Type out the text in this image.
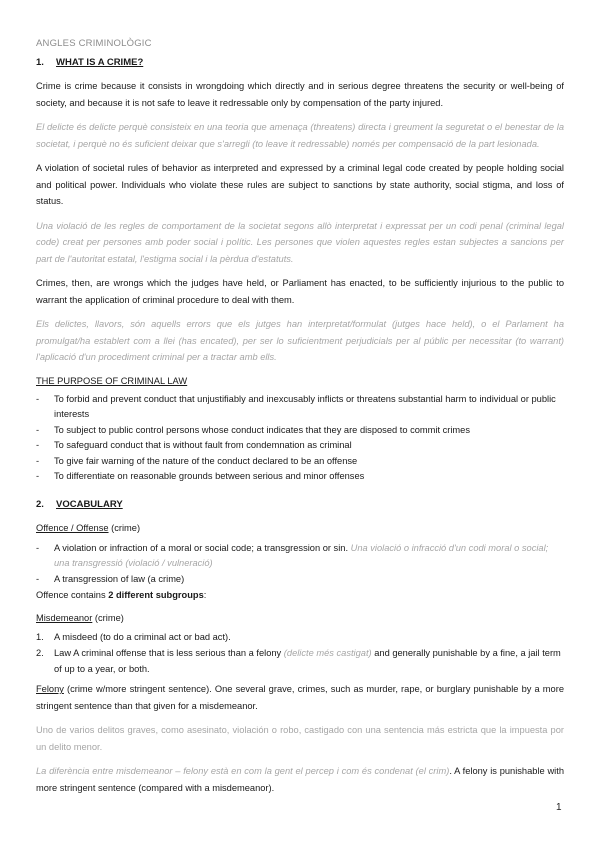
ANGLES CRIMINOLÒGIC
1. WHAT IS A CRIME?

Crime is crime because it consists in wrongdoing which directly and in serious degree threatens the security or well-being of society, and because it is not safe to leave it redressable only by compensation of the party injured.

El delicte és delicte perquè consisteix en una teoria que amenaça (threatens) directa i greument la seguretat o el benestar de la societat, i perquè no és suficient deixar que s'arregli (to leave it redressable) només per compensació de la part lesionada.

A violation of societal rules of behavior as interpreted and expressed by a criminal legal code created by people holding social and political power. Individuals who violate these rules are subject to sanctions by state authority, social stigma, and loss of status.

Una violació de les regles de comportament de la societat segons allò interpretat i expressat per un codi penal (criminal legal code) creat per persones amb poder social i polític. Les persones que violen aquestes regles estan subjectes a sancions per part de l'autoritat estatal, l'estigma social i la pèrdua d'estatuts.

Crimes, then, are wrongs which the judges have held, or Parliament has enacted, to be sufficiently injurious to the public to warrant the application of criminal procedure to deal with them.

Els delictes, llavors, són aquells errors que els jutges han interpretat/formulat (jutges hace held), o el Parlament ha promulgat/ha establert com a llei (has encated), per ser lo suficientment perjudicials per al públic per necessitar (to warrant) l'aplicació d'un procediment criminal per a tractar amb ells.

THE PURPOSE OF CRIMINAL LAW
- To forbid and prevent conduct that unjustifiably and inexcusably inflicts or threatens substantial harm to individual or public interests
- To subject to public control persons whose conduct indicates that they are disposed to commit crimes
- To safeguard conduct that is without fault from condemnation as criminal
- To give fair warning of the nature of the conduct declared to be an offense
- To differentiate on reasonable grounds between serious and minor offenses
2. VOCABULARY

Offence / Offense (crime)

- A violation or infraction of a moral or social code; a transgression or sin. Una violació o infracció d'un codi moral o social; una transgressió (violació / vulneració)
- A transgression of law (a crime)

Offence contains 2 different subgroups:

Misdemeanor (crime)

1. A misdeed (to do a criminal act or bad act).
2. Law A criminal offense that is less serious than a felony (delicte més castigat) and generally punishable by a fine, a jail term of up to a year, or both.

Felony (crime w/more stringent sentence). One several grave, crimes, such as murder, rape, or burglary punishable by a more stringent sentence than that given for a misdemeanor.

Uno de varios delitos graves, como asesinato, violación o robo, castigado con una sentencia más estricta que la impuesta por un delito menor.

La diferència entre misdemeanor – felony està en com la gent el percep i com és condenat (el crim). A felony is punishable with more stringent sentence (compared with a misdemeanor).

1
